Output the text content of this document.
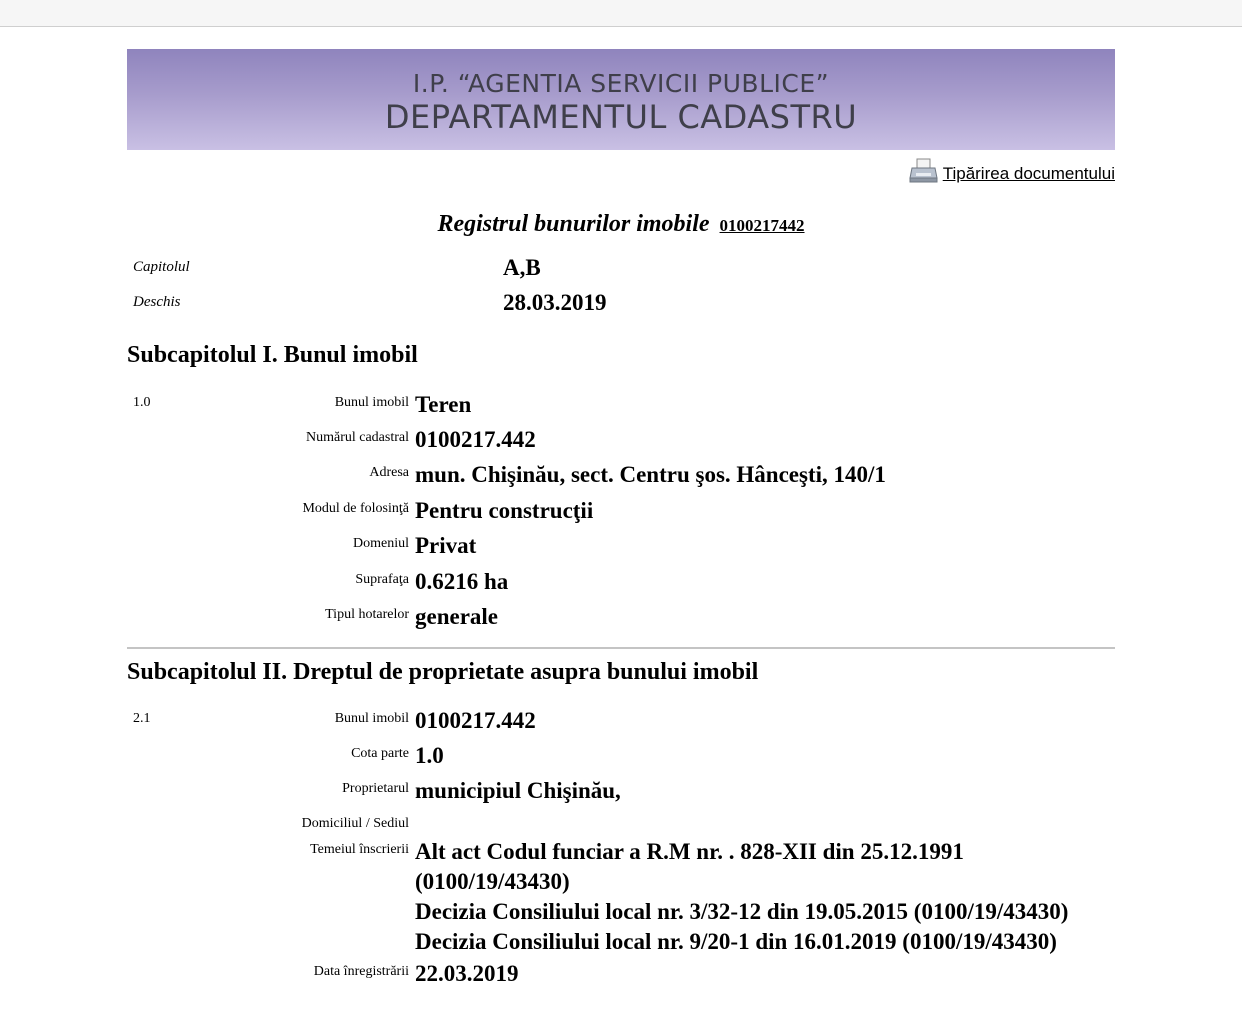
I.P. “AGENTIA SERVICII PUBLICE”
DEPARTAMENTUL CADASTRU
Tipărirea documentului
Registrul bunurilor imobile 0100217442
Capitolul	A,B
Deschis	28.03.2019
Subcapitolul I. Bunul imobil
1.0	Bunul imobil Teren
Numărul cadastral 0100217.442
Adresa mun. Chişinău, sect. Centru şos. Hânceşti, 140/1
Modul de folosinţă Pentru construcţii
Domeniul Privat
Suprafaţa 0.6216 ha
Tipul hotarelor generale
Subcapitolul II. Dreptul de proprietate asupra bunului imobil
2.1	Bunul imobil 0100217.442
Cota parte 1.0
Proprietarul municipiul Chişinău,
Domiciliul / Sediul
Temeiul înscrierii Alt act Codul funciar a R.M nr. . 828-XII din 25.12.1991
(0100/19/43430)
Decizia Consiliului local nr. 3/32-12 din 19.05.2015 (0100/19/43430)
Decizia Consiliului local nr. 9/20-1 din 16.01.2019 (0100/19/43430)
Data înregistrării 22.03.2019
